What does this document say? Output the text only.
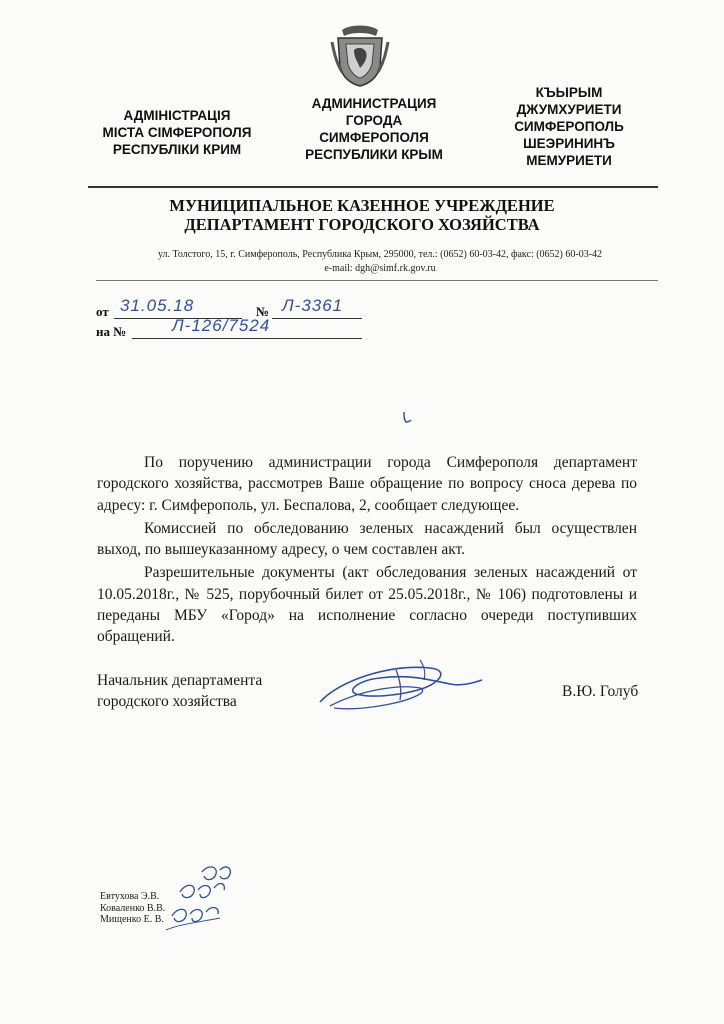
АДМІНІСТРАЦІЯ
МІСТА СІМФЕРОПОЛЯ
РЕСПУБЛІКИ КРИМ
АДМИНИСТРАЦИЯ
ГОРОДА
СИМФЕРОПОЛЯ
РЕСПУБЛИКИ КРЫМ
КЪЫРЫМ
ДЖУМХУРИЕТИ
СИМФЕРОПОЛЬ
ШЕЭРИНИНЪ
МЕМУРИЕТИ
МУНИЦИПАЛЬНОЕ КАЗЕННОЕ УЧРЕЖДЕНИЕ
ДЕПАРТАМЕНТ ГОРОДСКОГО ХОЗЯЙСТВА
ул. Толстого, 15, г. Симферополь, Республика Крым, 295000, тел.: (0652) 60-03-42, факс: (0652) 60-03-42
e-mail: dgh@simf.rk.gov.ru
от 31.05.18	№ Л-3361
на №	Л-126/7524

По поручению администрации города Симферополя департамент городского хозяйства, рассмотрев Ваше обращение по вопросу сноса дерева по адресу: г. Симферополь, ул. Беспалова, 2, сообщает следующее.

Комиссией по обследованию зеленых насаждений был осуществлен выход, по вышеуказанному адресу, о чем составлен акт.

Разрешительные документы (акт обследования зеленых насаждений от 10.05.2018г., № 525, порубочный билет от 25.05.2018г., № 106) подготовлены и переданы МБУ «Город» на исполнение согласно очереди поступивших обращений.

Начальник департамента
городского хозяйства
В.Ю. Голуб
Евтухова Э.В.
Коваленко В.В.
Мищенко Е. В.
